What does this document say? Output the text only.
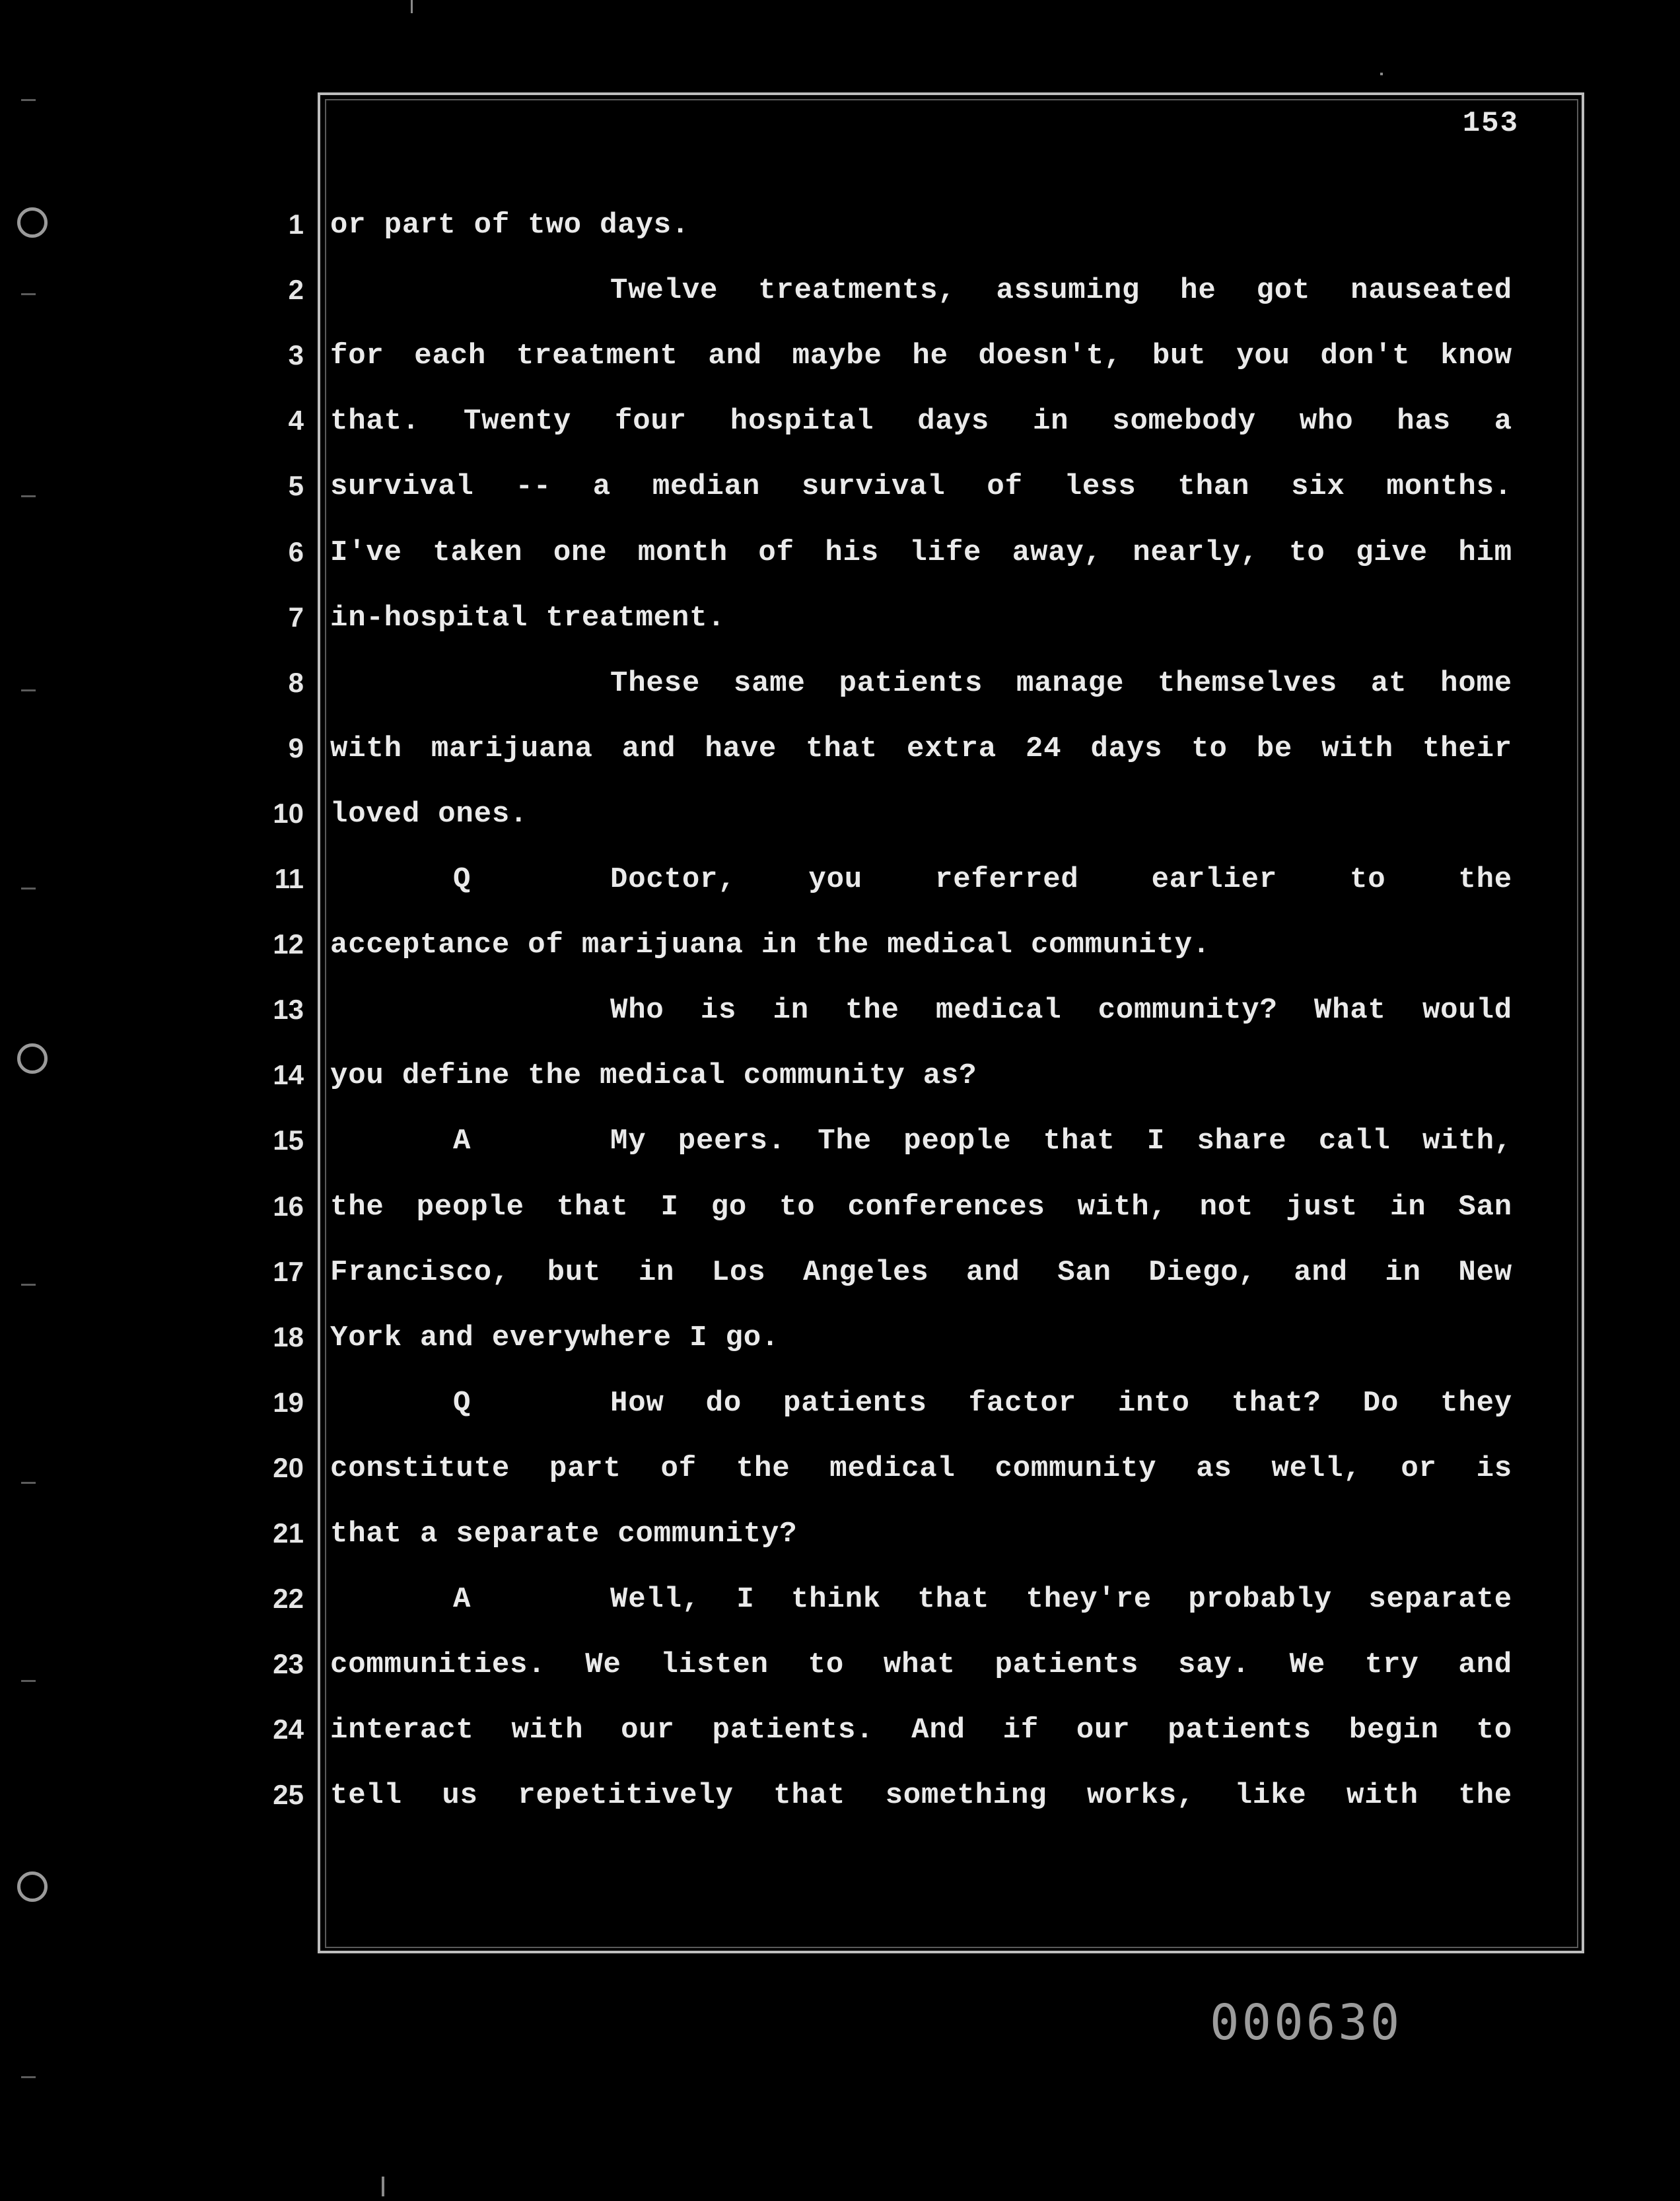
153
1 or part of two days.
2	Twelve treatments, assuming he got nauseated
3 for each treatment and maybe he doesn't, but you don't know
4 that. Twenty four hospital days in somebody who has a
5 survival -- a median survival of less than six months.
6 I've taken one month of his life away, nearly, to give him
7 in-hospital treatment.
8	These same patients manage themselves at home
9 with marijuana and have that extra 24 days to be with their
10 loved ones.
11	Q	Doctor, you referred earlier to the
12 acceptance of marijuana in the medical community.
13	Who is in the medical community? What would
14 you define the medical community as?
15	A	My peers. The people that I share call with,
16 the people that I go to conferences with, not just in San
17 Francisco, but in Los Angeles and San Diego, and in New
18 York and everywhere I go.
19	Q	How do patients factor into that? Do they
20 constitute part of the medical community as well, or is
21 that a separate community?
22	A	Well, I think that they're probably separate
23 communities. We listen to what patients say. We try and
24 interact with our patients. And if our patients begin to
25 tell us repetitively that something works, like with the
000630
